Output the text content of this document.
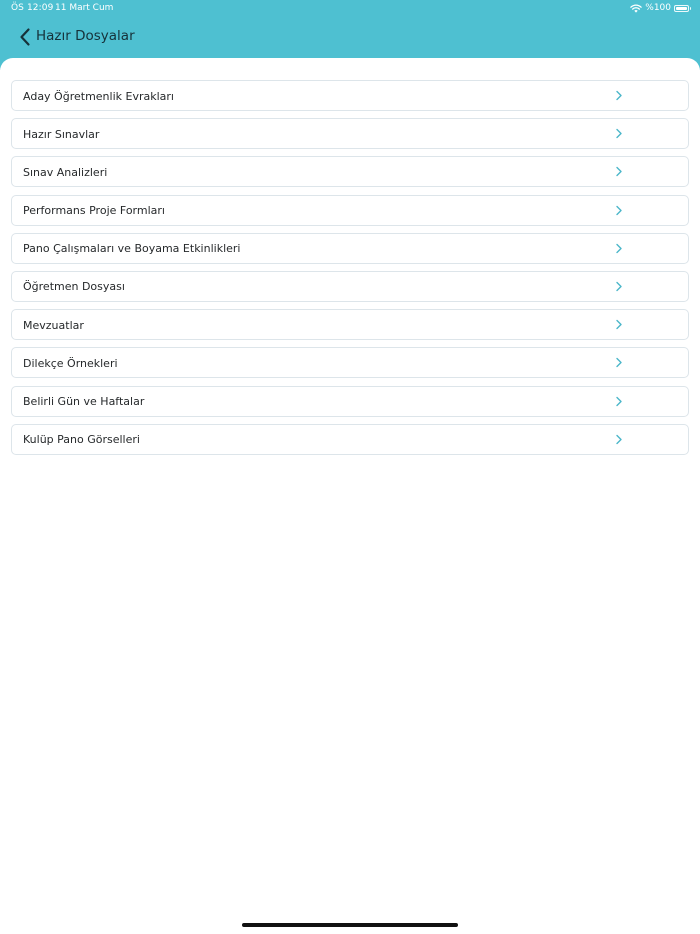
ÖS 12:09 11 Mart Cum	%100
Hazır Dosyalar
Aday Öğretmenlik Evrakları
Hazır Sınavlar
Sınav Analizleri
Performans Proje Formları
Pano Çalışmaları ve Boyama Etkinlikleri
Öğretmen Dosyası
Mevzuatlar
Dilekçe Örnekleri
Belirli Gün ve Haftalar
Kulüp Pano Görselleri
